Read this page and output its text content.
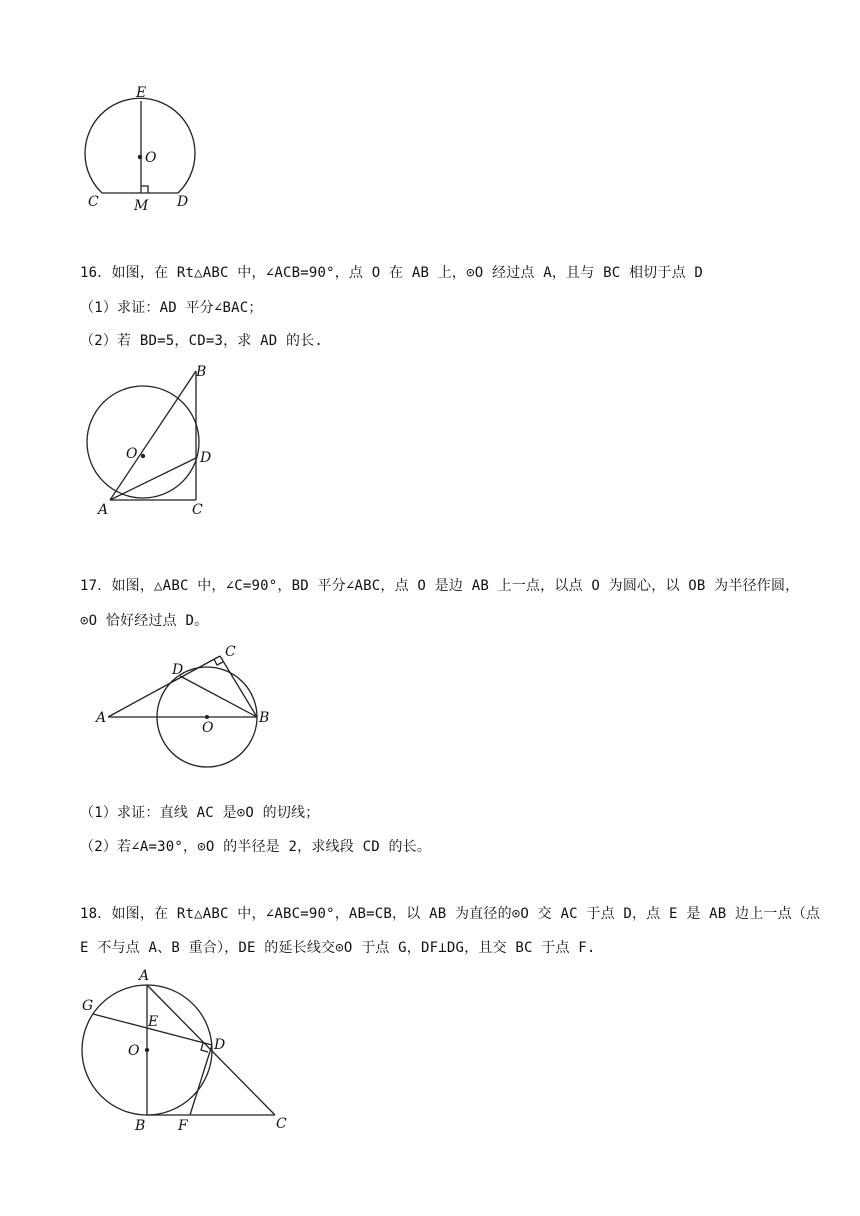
E
O
C	M D
16．如图，在 Rt△ABC 中，∠ACB=90°，点 O 在 AB 上，⊙O 经过点 A，且与 BC 相切于点 D
（1）求证：AD 平分∠BAC；
（2）若 BD=5，CD=3，求 AD 的长.
B
O	D
A	C
17．如图，△ABC 中，∠C=90°，BD 平分∠ABC，点 O 是边 AB 上一点，以点 O 为圆心，以 OB 为半径作圆，
⊙O 恰好经过点 D。
D
C
A
O
B
（1）求证：直线 AC 是⊙O 的切线；
（2）若∠A=30°，⊙O 的半径是 2，求线段 CD 的长。
18．如图，在 Rt△ABC 中，∠ABC=90°，AB=CB，以 AB 为直径的⊙O 交 AC 于点 D，点 E 是 AB 边上一点（点
E 不与点 A、B 重合），DE 的延长线交⊙O 于点 G，DF⊥DG，且交 BC 于点 F.
A
G
E
O	D
B F	C
